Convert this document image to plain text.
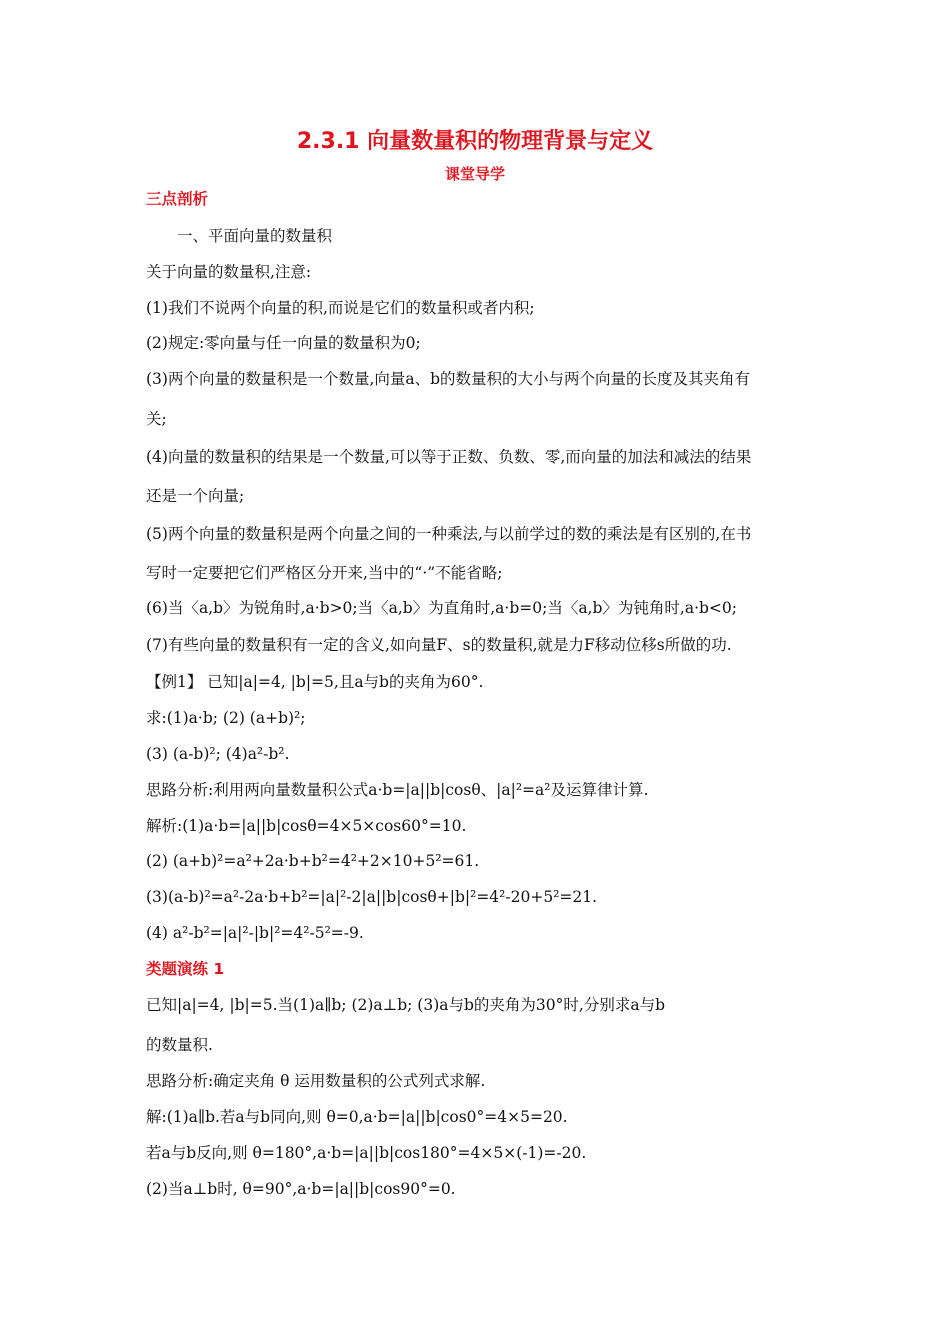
2.3.1 向量数量积的物理背景与定义
课堂导学
三点剖析
一、平面向量的数量积
关于向量的数量积,注意:
(1)我们不说两个向量的积,而说是它们的数量积或者内积;
(2)规定:零向量与任一向量的数量积为0;
(3)两个向量的数量积是一个数量,向量a、b的数量积的大小与两个向量的长度及其夹角有
关;
(4)向量的数量积的结果是一个数量,可以等于正数、负数、零,而向量的加法和减法的结果
还是一个向量;
(5)两个向量的数量积是两个向量之间的一种乘法,与以前学过的数的乘法是有区别的,在书
写时一定要把它们严格区分开来,当中的“·”不能省略;
(6)当〈a,b〉为锐角时,a·b>0;当〈a,b〉为直角时,a·b=0;当〈a,b〉为钝角时,a·b<0;
(7)有些向量的数量积有一定的含义,如向量F、s的数量积,就是力F移动位移s所做的功.
【例1】 已知|a|=4, |b|=5,且a与b的夹角为60°.
求:(1)a·b; (2) (a+b)²;
(3) (a-b)²; (4)a²-b².
思路分析:利用两向量数量积公式a·b=|a||b|cosθ、|a|²=a²及运算律计算.
解析:(1)a·b=|a||b|cosθ=4×5×cos60°=10.
(2) (a+b)²=a²+2a·b+b²=4²+2×10+5²=61.
(3)(a-b)²=a²-2a·b+b²=|a|²-2|a||b|cosθ+|b|²=4²-20+5²=21.
(4) a²-b²=|a|²-|b|²=4²-5²=-9.
类题演练 1
已知|a|=4, |b|=5.当(1)a∥b; (2)a⊥b; (3)a与b的夹角为30°时,分别求a与b
的数量积.
思路分析:确定夹角 θ 运用数量积的公式列式求解.
解:(1)a∥b.若a与b同向,则 θ=0,a·b=|a||b|cos0°=4×5=20.
若a与b反向,则 θ=180°,a·b=|a||b|cos180°=4×5×(-1)=-20.
(2)当a⊥b时, θ=90°,a·b=|a||b|cos90°=0.
